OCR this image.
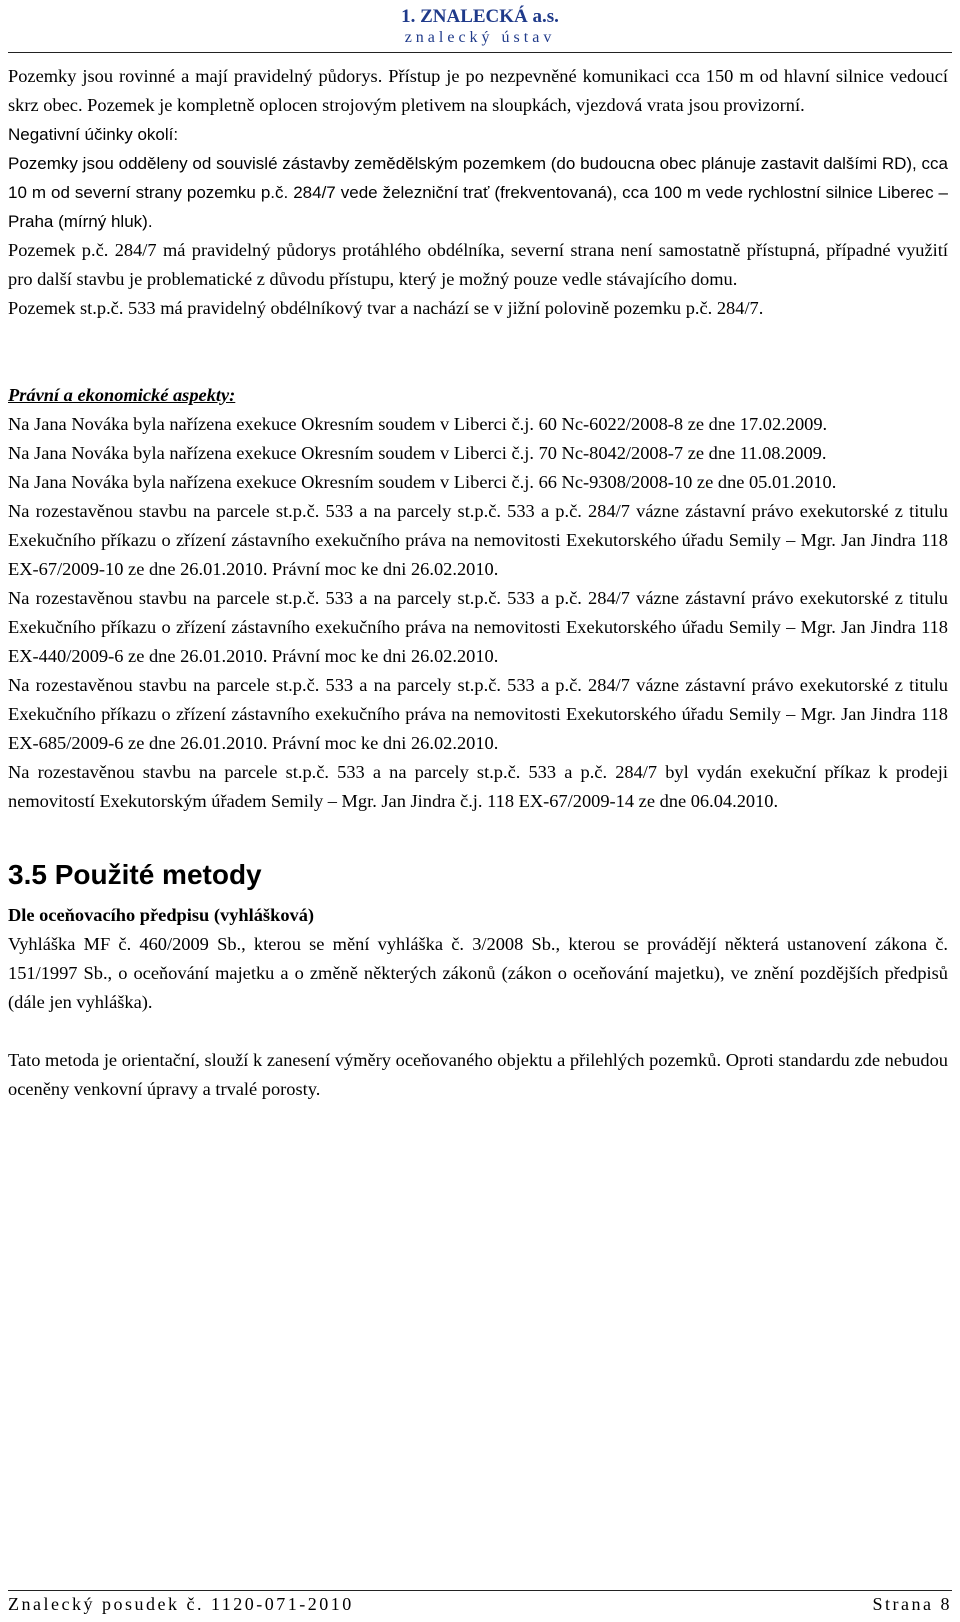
1. ZNALECKÁ a.s.
znalecký ústav

Pozemky jsou rovinné a mají pravidelný půdorys. Přístup je po nezpevněné komunikaci cca 150 m od hlavní silnice vedoucí skrz obec. Pozemek je kompletně oplocen strojovým pletivem na sloupkách, vjezdová vrata jsou provizorní.

Negativní účinky okolí:

Pozemky jsou odděleny od souvislé zástavby zemědělským pozemkem (do budoucna obec plánuje zastavit dalšími RD), cca 10 m od severní strany pozemku p.č. 284/7 vede železniční trať (frekventovaná), cca 100 m vede rychlostní silnice Liberec – Praha (mírný hluk).

Pozemek p.č. 284/7 má pravidelný půdorys protáhlého obdélníka, severní strana není samostatně přístupná, případné využití pro další stavbu je problematické z důvodu přístupu, který je možný pouze vedle stávajícího domu.

Pozemek st.p.č. 533 má pravidelný obdélníkový tvar a nachází se v jižní polovině pozemku p.č. 284/7.

Právní a ekonomické aspekty:

Na Jana Nováka byla nařízena exekuce Okresním soudem v Liberci č.j. 60 Nc-6022/2008-8 ze dne 17.02.2009.

Na Jana Nováka byla nařízena exekuce Okresním soudem v Liberci č.j. 70 Nc-8042/2008-7 ze dne 11.08.2009.

Na Jana Nováka byla nařízena exekuce Okresním soudem v Liberci č.j. 66 Nc-9308/2008-10 ze dne 05.01.2010.

Na rozestavěnou stavbu na parcele st.p.č. 533 a na parcely st.p.č. 533 a p.č. 284/7 vázne zástavní právo exekutorské z titulu Exekučního příkazu o zřízení zástavního exekučního práva na nemovitosti Exekutorského úřadu Semily – Mgr. Jan Jindra 118 EX-67/2009-10 ze dne 26.01.2010. Právní moc ke dni 26.02.2010.

Na rozestavěnou stavbu na parcele st.p.č. 533 a na parcely st.p.č. 533 a p.č. 284/7 vázne zástavní právo exekutorské z titulu Exekučního příkazu o zřízení zástavního exekučního práva na nemovitosti Exekutorského úřadu Semily – Mgr. Jan Jindra 118 EX-440/2009-6 ze dne 26.01.2010. Právní moc ke dni 26.02.2010.

Na rozestavěnou stavbu na parcele st.p.č. 533 a na parcely st.p.č. 533 a p.č. 284/7 vázne zástavní právo exekutorské z titulu Exekučního příkazu o zřízení zástavního exekučního práva na nemovitosti Exekutorského úřadu Semily – Mgr. Jan Jindra 118 EX-685/2009-6 ze dne 26.01.2010. Právní moc ke dni 26.02.2010.

Na rozestavěnou stavbu na parcele st.p.č. 533 a na parcely st.p.č. 533 a p.č. 284/7 byl vydán exekuční příkaz k prodeji nemovitostí Exekutorským úřadem Semily – Mgr. Jan Jindra č.j. 118 EX-67/2009-14 ze dne 06.04.2010.

3.5 Použité metody

Dle oceňovacího předpisu (vyhlášková)

Vyhláška MF č. 460/2009 Sb., kterou se mění vyhláška č. 3/2008 Sb., kterou se provádějí některá ustanovení zákona č. 151/1997 Sb., o oceňování majetku a o změně některých zákonů (zákon o oceňování majetku), ve znění pozdějších předpisů (dále jen vyhláška).

Tato metoda je orientační, slouží k zanesení výměry oceňovaného objektu a přilehlých pozemků. Oproti standardu zde nebudou oceněny venkovní úpravy a trvalé porosty.

Znalecký posudek č. 1120-071-2010	Strana 8
